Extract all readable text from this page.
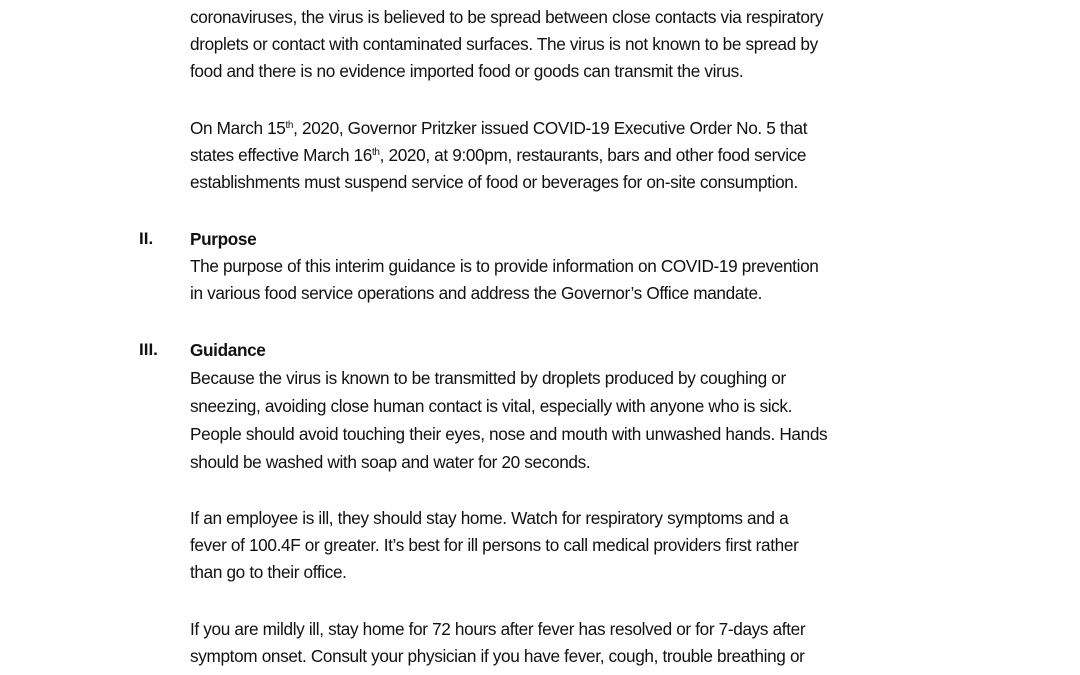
coronaviruses, the virus is believed to be spread between close contacts via respiratory
droplets or contact with contaminated surfaces. The virus is not known to be spread by
food and there is no evidence imported food or goods can transmit the virus.
On March 15th, 2020, Governor Pritzker issued COVID-19 Executive Order No. 5 that
states effective March 16th, 2020, at 9:00pm, restaurants, bars and other food service
establishments must suspend service of food or beverages for on-site consumption.
II. Purpose
The purpose of this interim guidance is to provide information on COVID-19 prevention
in various food service operations and address the Governor’s Office mandate.
III. Guidance
Because the virus is known to be transmitted by droplets produced by coughing or
sneezing, avoiding close human contact is vital, especially with anyone who is sick.
People should avoid touching their eyes, nose and mouth with unwashed hands. Hands
should be washed with soap and water for 20 seconds.
If an employee is ill, they should stay home. Watch for respiratory symptoms and a
fever of 100.4F or greater. It’s best for ill persons to call medical providers first rather
than go to their office.
If you are mildly ill, stay home for 72 hours after fever has resolved or for 7-days after
symptom onset. Consult your physician if you have fever, cough, trouble breathing or
